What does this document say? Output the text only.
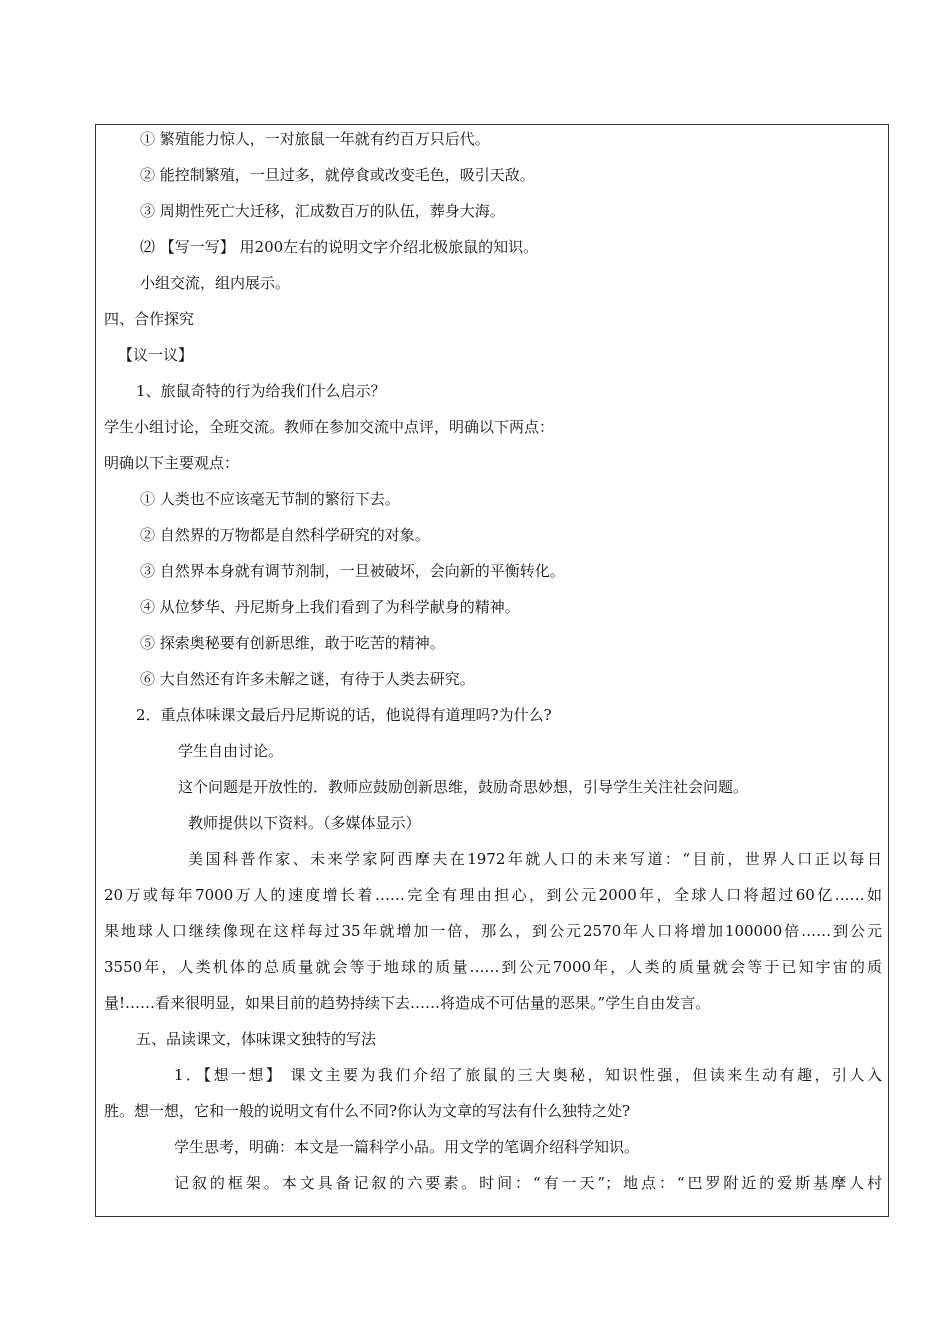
① 繁殖能力惊人，一对旅鼠一年就有约百万只后代。
② 能控制繁殖，一旦过多，就停食或改变毛色，吸引天敌。
③ 周期性死亡大迁移，汇成数百万的队伍，葬身大海。
⑵ 【写一写】 用200左右的说明文字介绍北极旅鼠的知识。
小组交流，组内展示。
四、合作探究
【议一议】
1、旅鼠奇特的行为给我们什么启示？
学生小组讨论，全班交流。教师在参加交流中点评，明确以下两点：
明确以下主要观点：
① 人类也不应该毫无节制的繁衍下去。
② 自然界的万物都是自然科学研究的对象。
③ 自然界本身就有调节剂制，一旦被破坏，会向新的平衡转化。
④ 从位梦华、丹尼斯身上我们看到了为科学献身的精神。
⑤ 探索奥秘要有创新思维，敢于吃苦的精神。
⑥ 大自然还有许多未解之谜，有待于人类去研究。
2．重点体味课文最后丹尼斯说的话，他说得有道理吗?为什么?
学生自由讨论。
这个问题是开放性的．教师应鼓励创新思维，鼓励奇思妙想，引导学生关注社会问题。
教师提供以下资料。（多媒体显示）
美国科普作家、未来学家阿西摩夫在1972年就人口的未来写道：“目前，世界人口正以每日
20万或每年7000万人的速度增长着……完全有理由担心，到公元2000年，全球人口将超过60亿……如
果地球人口继续像现在这样每过35年就增加一倍，那么，到公元2570年人口将增加100000倍……到公元
3550年，人类机体的总质量就会等于地球的质量……到公元7000年，人类的质量就会等于已知宇宙的质
量!……看来很明显，如果目前的趋势持续下去……将造成不可估量的恶果。”学生自由发言。
五、品读课文，体味课文独特的写法
1．【想一想】 课文主要为我们介绍了旅鼠的三大奥秘，知识性强，但读来生动有趣，引人入
胜。想一想，它和一般的说明文有什么不同?你认为文章的写法有什么独特之处?
学生思考，明确：本文是一篇科学小品。用文学的笔调介绍科学知识。
记叙的框架。本文具备记叙的六要素。时间：“有一天”；地点：“巴罗附近的爱斯基摩人村
